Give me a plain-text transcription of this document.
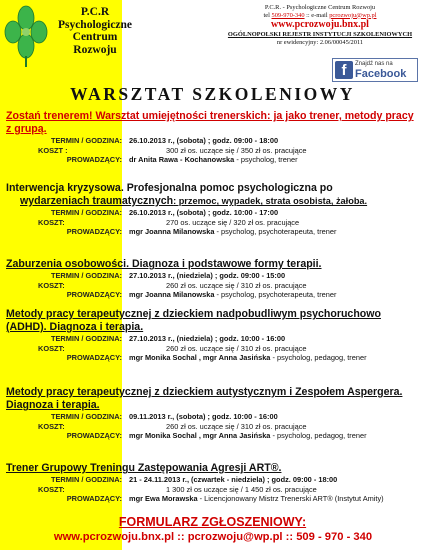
P.C.R
Psychologiczne
Centrum Rozwoju
P.C.R. - Psychologiczne Centrum Rozwoju
tel 509-970-340 :: e-mail pcrozwoju@wp.pl
www.pcrozwoju.bnx.pl
OGÓLNOPOLSKI REJESTR INSTYTUCJI SZKOLENIOWYCH
nr ewidencyjny: 2.06/00045/2011
f	Znajdź nas na
Facebook
WARSZTAT SZKOLENIOWY
Zostań trenerem! Warsztat umiejętności trenerskich: ja jako trener, metody pracy z grupą.
TERMIN / GODZINA: 26.10.2013 r., (sobota) ; godz. 09:00 - 18:00
KOSZT :	300 zł os. uczące się / 350 zł os. pracujące
PROWADZĄCY: dr Anita Rawa - Kochanowska - psycholog, trener
Interwencja kryzysowa. Profesjonalna pomoc psychologiczna po
wydarzeniach traumatycznych: przemoc, wypadek, strata osobista, żałoba.
TERMIN / GODZINA: 26.10.2013 r., (sobota) ; godz. 10:00 - 17:00
KOSZT:	270 os. uczące się / 320 zł os. pracujące
PROWADZĄCY: mgr Joanna Milanowska - psycholog, psychoterapeuta, trener
Zaburzenia osobowości. Diagnoza i podstawowe formy terapii.
TERMIN / GODZINA: 27.10.2013 r., (niedziela) ; godz. 09:00 - 15:00
KOSZT:	260 zł os. uczące się / 310 zł os. pracujące
PROWADZĄCY: mgr Joanna Milanowska - psycholog, psychoterapeuta, trener
Metody pracy terapeutycznej z dzieckiem nadpobudliwym psychoruchowo (ADHD). Diagnoza i terapia.
TERMIN / GODZINA: 27.10.2013 r., (niedziela) ; godz. 10:00 - 16:00
KOSZT:	260 zł os. uczące się / 310 zł os. pracujące
PROWADZĄCY: mgr Monika Sochal , mgr Anna Jasińska - psycholog, pedagog, trener
Metody pracy terapeutycznej z dzieckiem autystycznym i Zespołem Aspergera. Diagnoza i terapia.
TERMIN / GODZINA: 09.11.2013 r., (sobota) ; godz. 10:00 - 16:00
KOSZT:	260 zł os. uczące się / 310 zł os. pracujące
PROWADZĄCY: mgr Monika Sochal , mgr Anna Jasińska - psycholog, pedagog, trener
Trener Grupowy Treningu Zastępowania Agresji ART®.
TERMIN / GODZINA: 21 - 24.11.2013 r., (czwartek - niedziela) ; godz. 09:00 - 18:00
KOSZT:	1 300 zł os uczące się / 1 450 zł os. pracujące
PROWADZĄCY: mgr Ewa Morawska - Licencjonowany Mistrz Trenerski ART® (Instytut Amity)
FORMULARZ ZGŁOSZENIOWY:
www.pcrozwoju.bnx.pl :: pcrozwoju@wp.pl :: 509 - 970 - 340
